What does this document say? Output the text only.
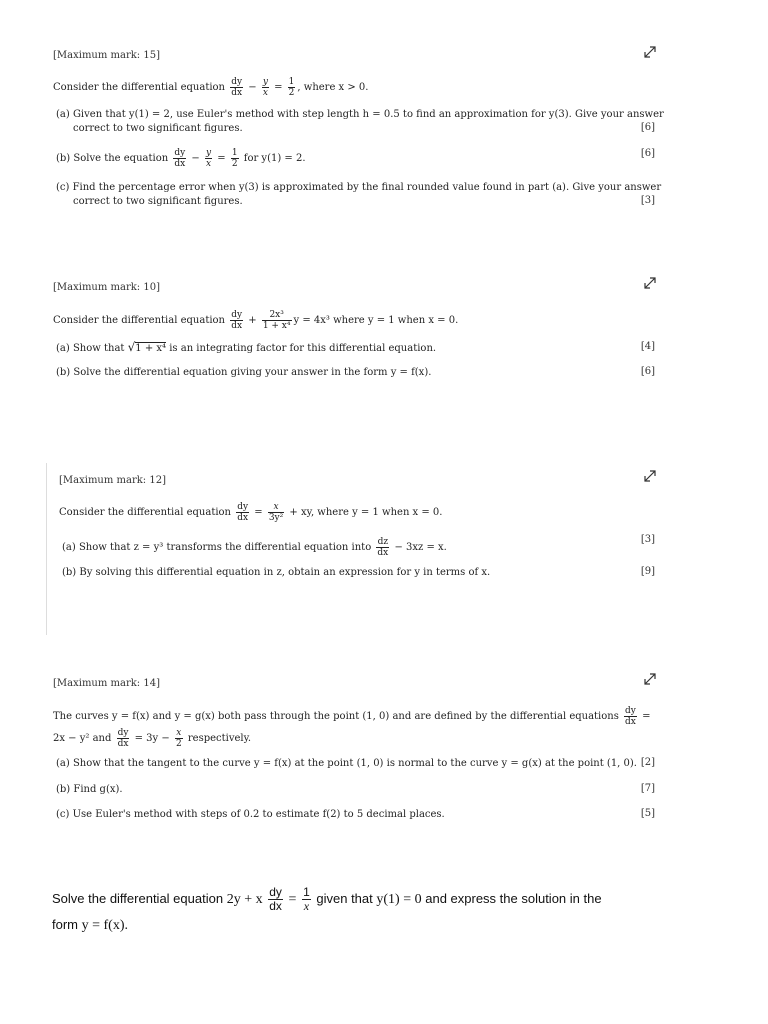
[Maximum mark: 15]
Consider the differential equation $\frac{dy}{dx} - \frac{y}{x} = \frac{1}{2}$ , where x > 0.
(a) Given that y(1) = 2, use Euler's method with step length h = 0.5 to find an approximation for y(3). Give your answer
correct to two significant figures.	[6]
(b) Solve the equation $\frac{dy}{dx} - \frac{y}{x} = \frac{1}{2}$ for y(1) = 2.	[6]
(c) Find the percentage error when y(3) is approximated by the final rounded value found in part (a). Give your answer
correct to two significant figures.	[3]
[Maximum mark: 10]
Consider the differential equation $\frac{dy}{dx} + \frac{\text{2x³}}{\text{1 + x⁴}}$ y = 4x³ where y = 1 when x = 0.
(a) Show that √1 + x⁴ is an integrating factor for this differential equation.	[4]
(b) Solve the differential equation giving your answer in the form y = f(x).	[6]
[Maximum mark: 12]
Consider the differential equation $\frac{dy}{dx} = \frac{x}{\text{3y²}}$ + xy, where y = 1 when x = 0.
(a) Show that z = y³ transforms the differential equation into $\frac{dz}{dx} - 3xz = x$.
[3]
(b) By solving this differential equation in z, obtain an expression for y in terms of x.	[9]
[Maximum mark: 14]
The curves y = f(x) and y = g(x) both pass through the point (1, 0) and are defined by the differential equations $\frac{dy}{dx}$ =
2x − y² and $\frac{dy}{dx} = 3y - \frac{x}{2}$ respectively.
(a) Show that the tangent to the curve y = f(x) at the point (1, 0) is normal to the curve y = g(x) at the point (1, 0). [2]
(b) Find g(x).	[7]
(c) Use Euler's method with steps of 0.2 to estimate f(2) to 5 decimal places.	[5]
Solve the differential equation 2y + x $\frac{dy}{dx} = \frac{1}{x}$ given that y(1) = 0 and express the solution in the
form y = f(x).
